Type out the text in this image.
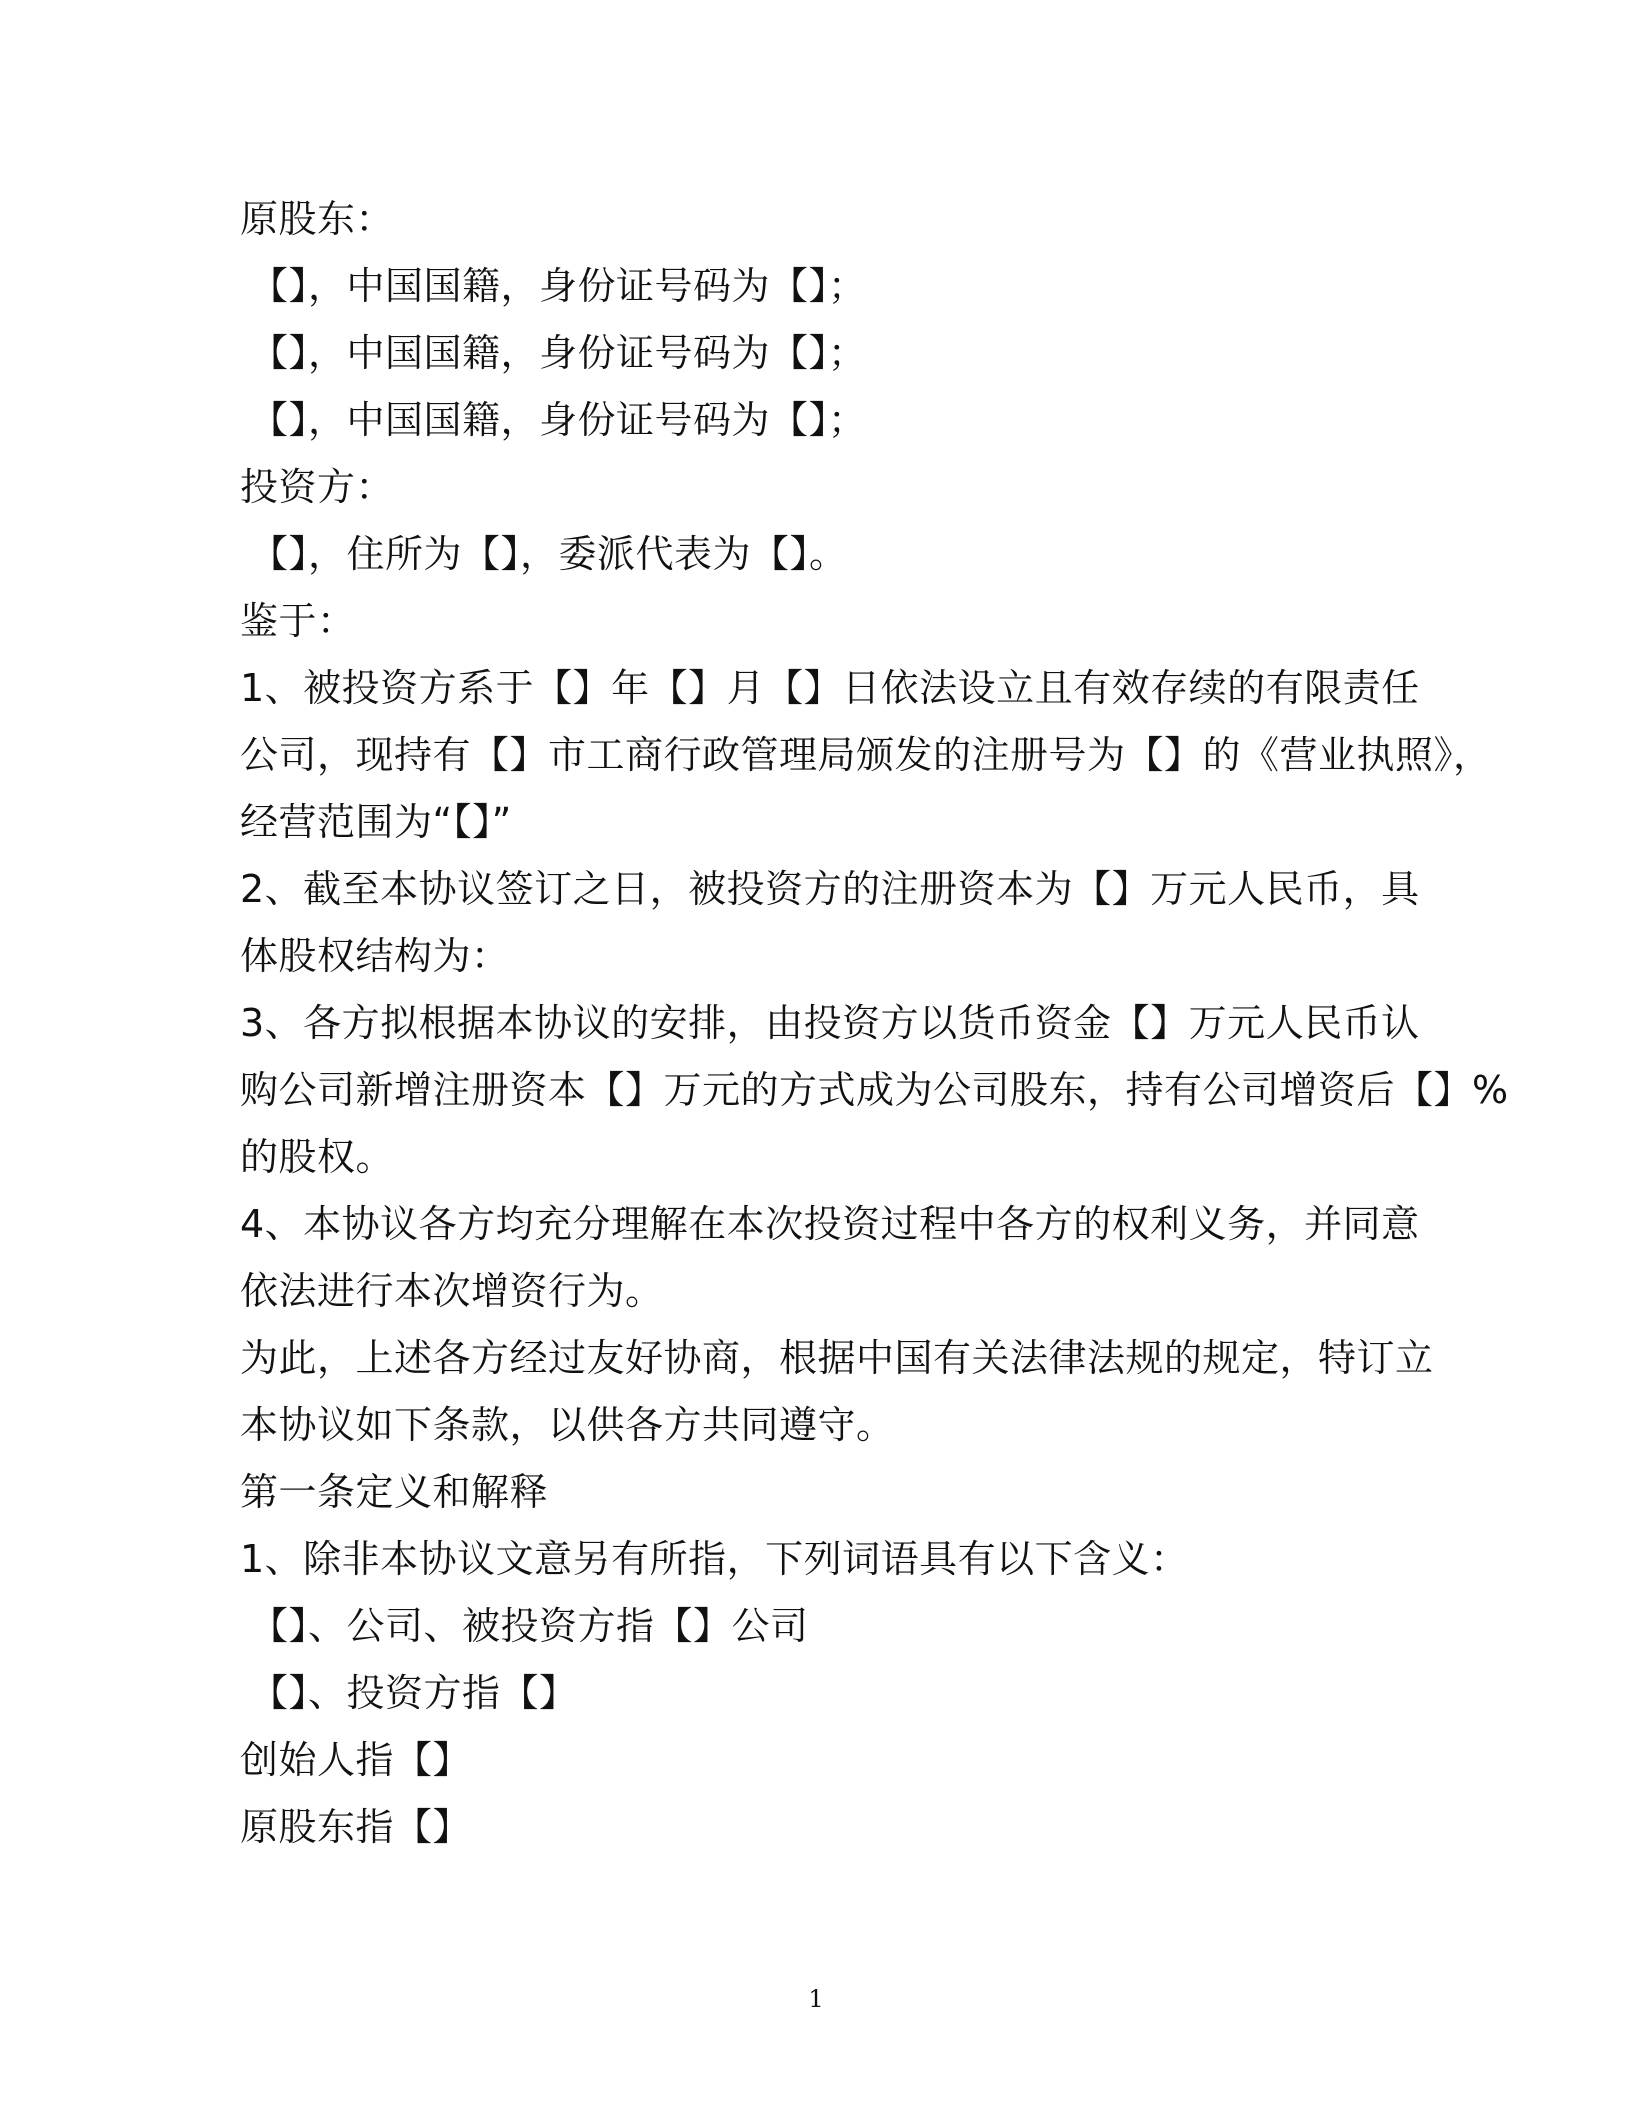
原股东：
【】，中国国籍，身份证号码为【】；
【】，中国国籍，身份证号码为【】；
【】，中国国籍，身份证号码为【】；
投资方：
【】，住所为【】，委派代表为【】。
鉴于：
1、被投资方系于【】年【】月【】日依法设立且有效存续的有限责任
公司，现持有【】市工商行政管理局颁发的注册号为【】的《营业执照》，
经营范围为“【】”
2、截至本协议签订之日，被投资方的注册资本为【】万元人民币，具
体股权结构为：
3、各方拟根据本协议的安排，由投资方以货币资金【】万元人民币认
购公司新增注册资本【】万元的方式成为公司股东，持有公司增资后【】%
的股权。
4、本协议各方均充分理解在本次投资过程中各方的权利义务，并同意
依法进行本次增资行为。
为此，上述各方经过友好协商，根据中国有关法律法规的规定，特订立
本协议如下条款，以供各方共同遵守。
第一条定义和解释
1、除非本协议文意另有所指，下列词语具有以下含义：
【】、公司、被投资方指【】公司
【】、投资方指【】
创始人指【】
原股东指【】
1
